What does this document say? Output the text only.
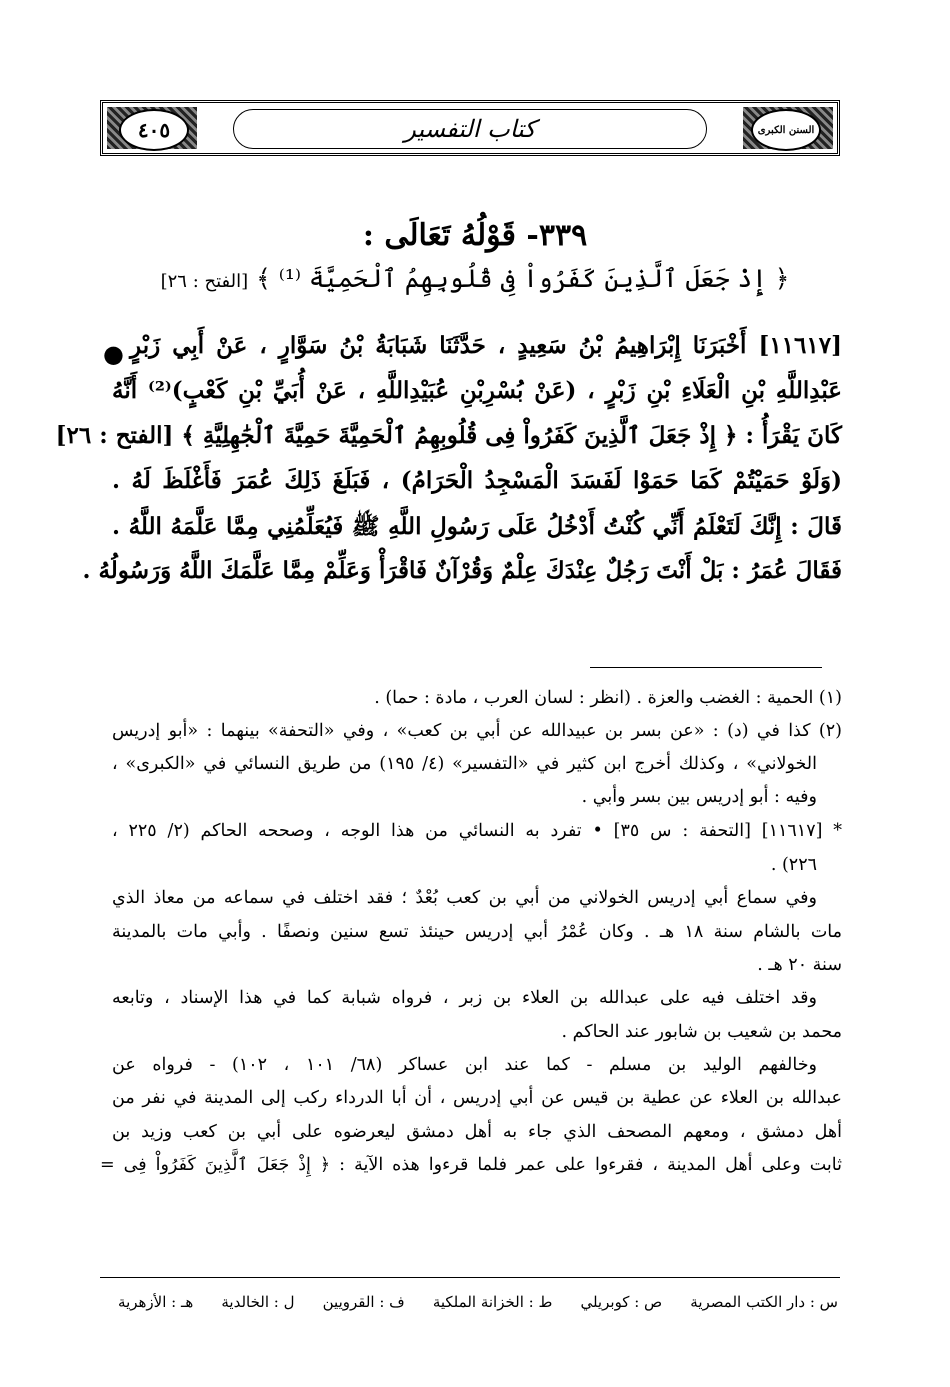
٤٠٥	السنن الكبرى
كتاب التفسير
٣٣٩- قَوْلُهُ تَعَالَى :
﴿ إِذْ جَعَلَ ٱلَّذِينَ كَفَرُواْ فِى قُلُوبِهِمُ ٱلْحَمِيَّةَ ⁽¹⁾ ﴾ [الفتح : ٢٦]
● [١١٦١٧] أَخْبَرَنَا إِبْرَاهِيمُ بْنُ سَعِيدٍ ، حَدَّثَنَا شَبَابَةُ بْنُ سَوَّارٍ ، عَنْ أَبِي زَبْرٍ
عَبْدِاللَّهِ بْنِ الْعَلَاءِ بْنِ زَبْرٍ ، (عَنْ بُسْرِبْنِ عُبَيْدِاللَّهِ ، عَنْ أُبَيِّ بْنِ كَعْبٍ)⁽²⁾ أَنَّهُ
كَانَ يَقْرَأُ : ﴿ إِذْ جَعَلَ ٱلَّذِينَ كَفَرُواْ فِى قُلُوبِهِمُ ٱلْحَمِيَّةَ حَمِيَّةَ ٱلْجَٰهِلِيَّةِ ﴾ [الفتح : ٢٦]
(وَلَوْ حَمَيْتُمْ كَمَا حَمَوْا لَفَسَدَ الْمَسْجِدُ الْحَرَامُ) ، فَبَلَغَ ذَلِكَ عُمَرَ فَأَغْلَظَ لَهُ .
قَالَ : إِنَّكَ لَتَعْلَمُ أَنِّي كُنْتُ أَدْخُلُ عَلَى رَسُولِ اللَّهِ ﷺ فَيُعَلِّمُنِي مِمَّا عَلَّمَهُ اللَّهُ .
فَقَالَ عُمَرُ : بَلْ أَنْتَ رَجُلٌ عِنْدَكَ عِلْمٌ وَقُرْآنٌ فَاقْرَأْ وَعَلِّمْ مِمَّا عَلَّمَكَ اللَّهُ وَرَسُولُهُ .
(١) الحمية : الغضب والعزة . (انظر : لسان العرب ، مادة : حما) .
(٢) كذا في (د) : «عن بسر بن عبيدالله عن أبي بن كعب» ، وفي «التحفة» بينهما : «أبو إدريس
الخولاني» ، وكذلك أخرج ابن كثير في «التفسير» (٤/ ١٩٥) من طريق النسائي في «الكبرى» ،
وفيه : أبو إدريس بين بسر وأبي .
* [١١٦١٧] [التحفة : س ٣٥] • تفرد به النسائي من هذا الوجه ، وصححه الحاكم (٢/ ٢٢٥ ،
٢٢٦) .
وفي سماع أبي إدريس الخولاني من أبي بن كعب بُعْدٌ ؛ فقد اختلف في سماعه من معاذ الذي
مات بالشام سنة ١٨ هـ . وكان عُمْرُ أبي إدريس حينئذ تسع سنين ونصفًا . وأبي مات بالمدينة
سنة ٢٠ هـ .
وقد اختلف فيه على عبدالله بن العلاء بن زبر ، فرواه شبابة كما في هذا الإسناد ، وتابعه
محمد بن شعيب بن شابور عند الحاكم .
وخالفهم الوليد بن مسلم - كما عند ابن عساكر (٦٨/ ١٠١ ، ١٠٢) - فرواه عن
عبدالله بن العلاء عن عطية بن قيس عن أبي إدريس ، أن أبا الدرداء ركب إلى المدينة في نفر من
أهل دمشق ، ومعهم المصحف الذي جاء به أهل دمشق ليعرضوه على أبي بن كعب وزيد بن
ثابت وعلى أهل المدينة ، فقرءوا على عمر فلما قرءوا هذه الآية : ﴿ إِذْ جَعَلَ ٱلَّذِينَ كَفَرُواْ فِى =
س : دار الكتب المصرية
ص : كوبريلي
ط : الخزانة الملكية
ف : القرويين
ل : الخالدية
هـ : الأزهرية
